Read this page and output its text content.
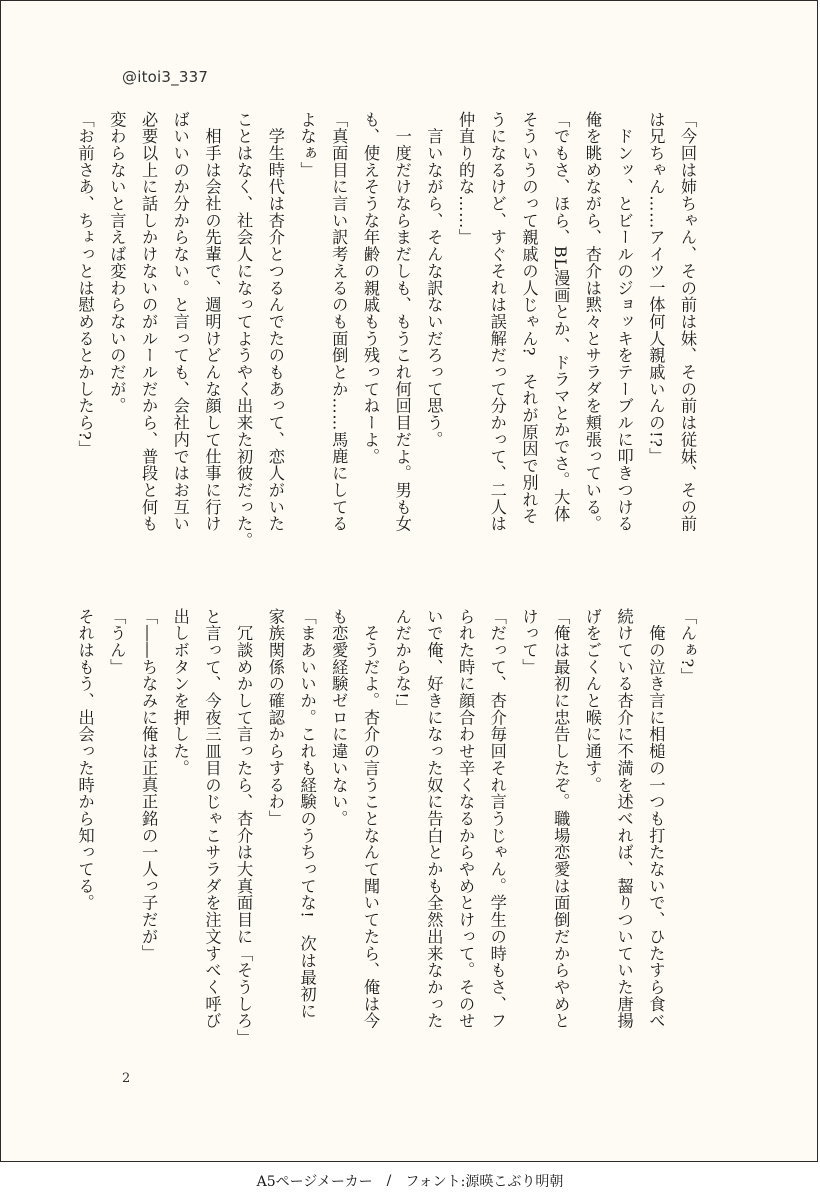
@itoi3_337
「今回は姉ちゃん、その前は妹、その前は従妹、その前
は兄ちゃん……アイツ一体何人親戚いんの!?」
　ドンッ、とビールのジョッキをテーブルに叩きつける
俺を眺めながら、杏介は黙々とサラダを頬張っている。
「でもさ、ほら、BL漫画とか、ドラマとかでさ。大体
そういうのって親戚の人じゃん?　それが原因で別れそ
うになるけど、すぐそれは誤解だって分かって、二人は
仲直り的な……」
　言いながら、そんな訳ないだろって思う。
　一度だけならまだしも、もうこれ何回目だよ。男も女
も、使えそうな年齢の親戚もう残ってねーよ。
「真面目に言い訳考えるのも面倒とか……馬鹿にしてる
よなぁ」
　学生時代は杏介とつるんでたのもあって、恋人がいた
ことはなく、社会人になってようやく出来た初彼だった。
　相手は会社の先輩で、週明けどんな顔して仕事に行け
ばいいのか分からない。と言っても、会社内ではお互い
必要以上に話しかけないのがルールだから、普段と何も
変わらないと言えば変わらないのだが。
「お前さあ、ちょっとは慰めるとかしたら?」
「んぁ?」
　俺の泣き言に相槌の一つも打たないで、ひたすら食べ
続けている杏介に不満を述べれば、齧りついていた唐揚
げをごくんと喉に通す。
「俺は最初に忠告したぞ。職場恋愛は面倒だからやめと
けって」
「だって、杏介毎回それ言うじゃん。学生の時もさ、フ
られた時に顔合わせ辛くなるからやめとけって。そのせ
いで俺、好きになった奴に告白とかも全然出来なかった
んだからな!」
　そうだよ。杏介の言うことなんて聞いてたら、俺は今
も恋愛経験ゼロに違いない。
「まあいいか。これも経験のうちってな!　次は最初に
家族関係の確認からするわ」
　冗談めかして言ったら、杏介は大真面目に「そうしろ」
と言って、今夜三皿目のじゃこサラダを注文すべく呼び
出しボタンを押した。
「――ちなみに俺は正真正銘の一人っ子だが」
「うん」
それはもう、出会った時から知ってる。
2
A5ページメーカー / フォント:源暎こぶり明朝
